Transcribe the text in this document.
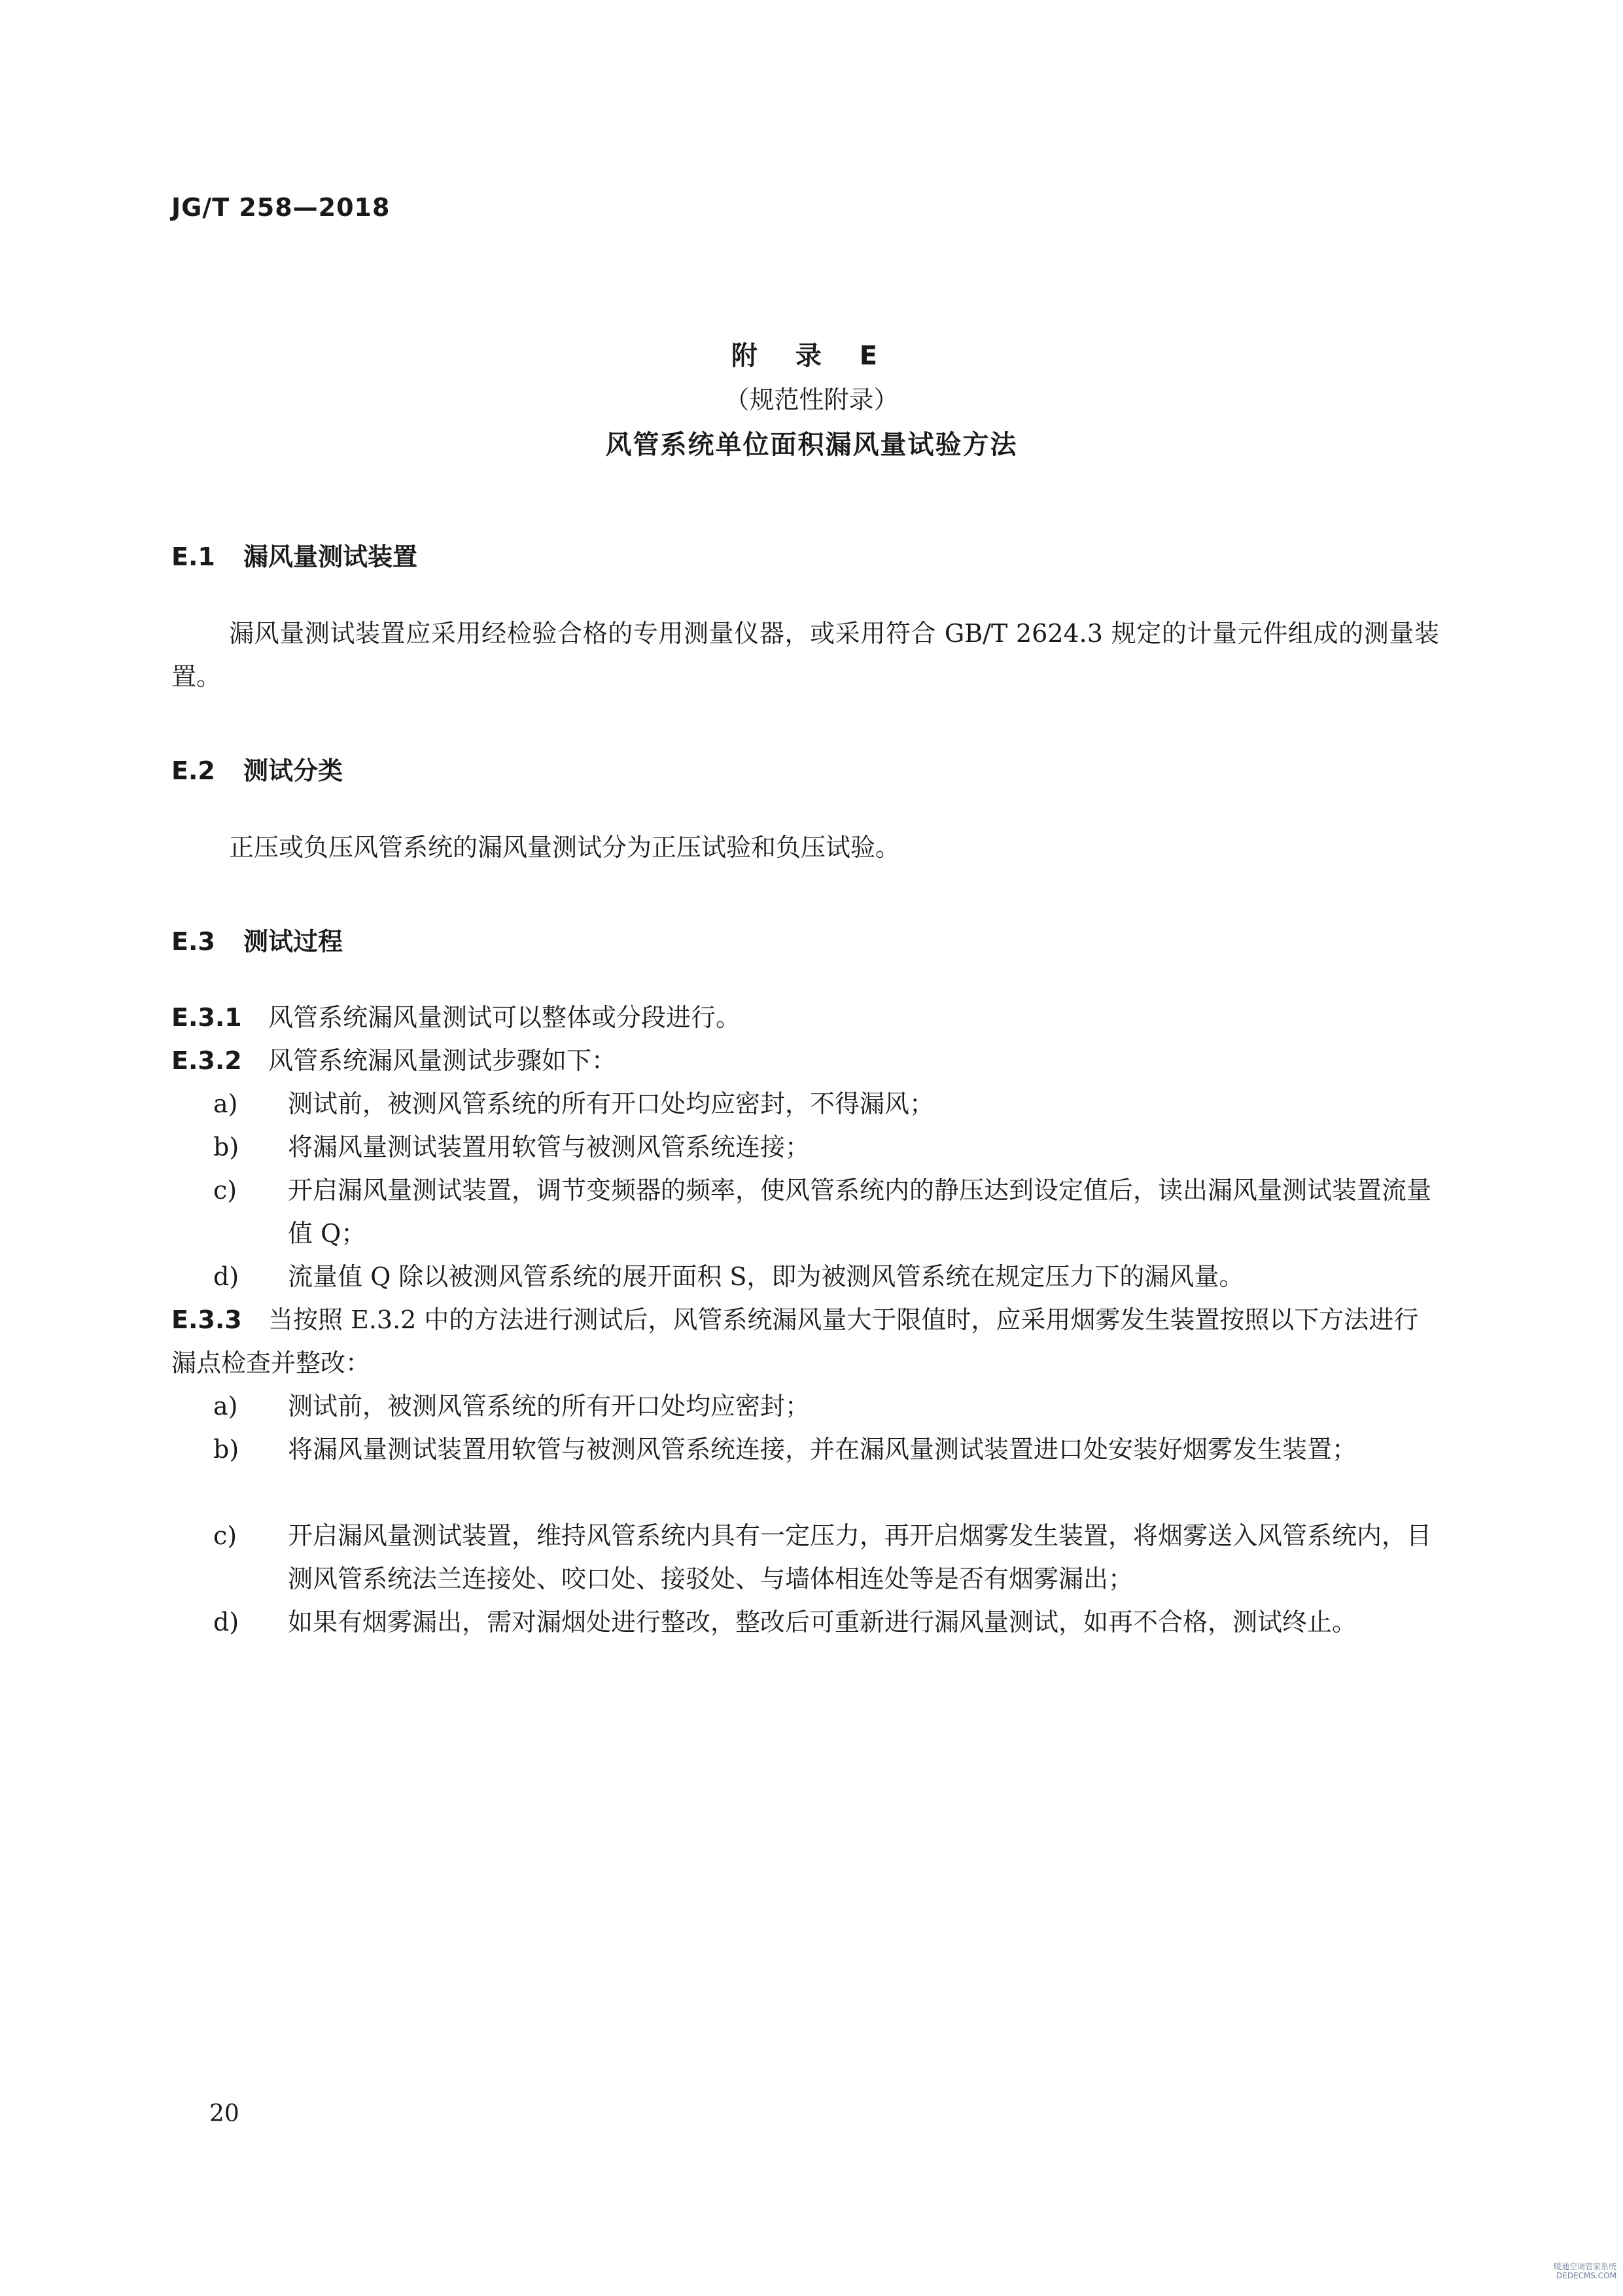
JG/T 258—2018
附 录 E
（规范性附录）
风管系统单位面积漏风量试验方法
E.1 漏风量测试装置
漏风量测试装置应采用经检验合格的专用测量仪器，或采用符合 GB/T 2624.3 规定的计量元件组成的测量装置。
E.2 测试分类
正压或负压风管系统的漏风量测试分为正压试验和负压试验。
E.3 测试过程
E.3.1 风管系统漏风量测试可以整体或分段进行。
E.3.2 风管系统漏风量测试步骤如下：
a)	测试前，被测风管系统的所有开口处均应密封，不得漏风；
b)	将漏风量测试装置用软管与被测风管系统连接；
c)	开启漏风量测试装置，调节变频器的频率，使风管系统内的静压达到设定值后，读出漏风量测试装置流量值 Q；
d)	流量值 Q 除以被测风管系统的展开面积 S，即为被测风管系统在规定压力下的漏风量。
E.3.3 当按照 E.3.2 中的方法进行测试后，风管系统漏风量大于限值时，应采用烟雾发生装置按照以下方法进行漏点检查并整改：
a)	测试前，被测风管系统的所有开口处均应密封；
b)	将漏风量测试装置用软管与被测风管系统连接，并在漏风量测试装置进口处安装好烟雾发生装置；
c)	开启漏风量测试装置，维持风管系统内具有一定压力，再开启烟雾发生装置，将烟雾送入风管系统内，目测风管系统法兰连接处、咬口处、接驳处、与墙体相连处等是否有烟雾漏出；
d)	如果有烟雾漏出，需对漏烟处进行整改，整改后可重新进行漏风量测试，如再不合格，测试终止。
20
暖通空调管家系统
DEDECMS.COM
